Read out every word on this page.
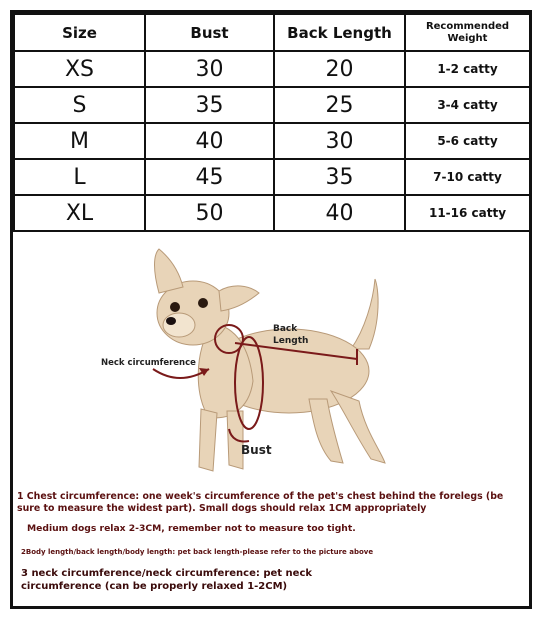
Size	Bust	Back Length	Recommended
Weight
XS	30	20	1-2 catty
S	35	25	3-4 catty
M	40	30	5-6 catty
L	45	35	7-10 catty
XL	50	40	11-16 catty
Back
Length
Neck circumference
Bust
1 Chest circumference: one week's circumference of the pet's chest behind the forelegs (be sure to measure the widest part). Small dogs should relax 1CM appropriately
Medium dogs relax 2-3CM, remember not to measure too tight.
2Body length/back length/body length: pet back length-please refer to the picture above
3 neck circumference/neck circumference: pet neck circumference (can be properly relaxed 1-2CM)
